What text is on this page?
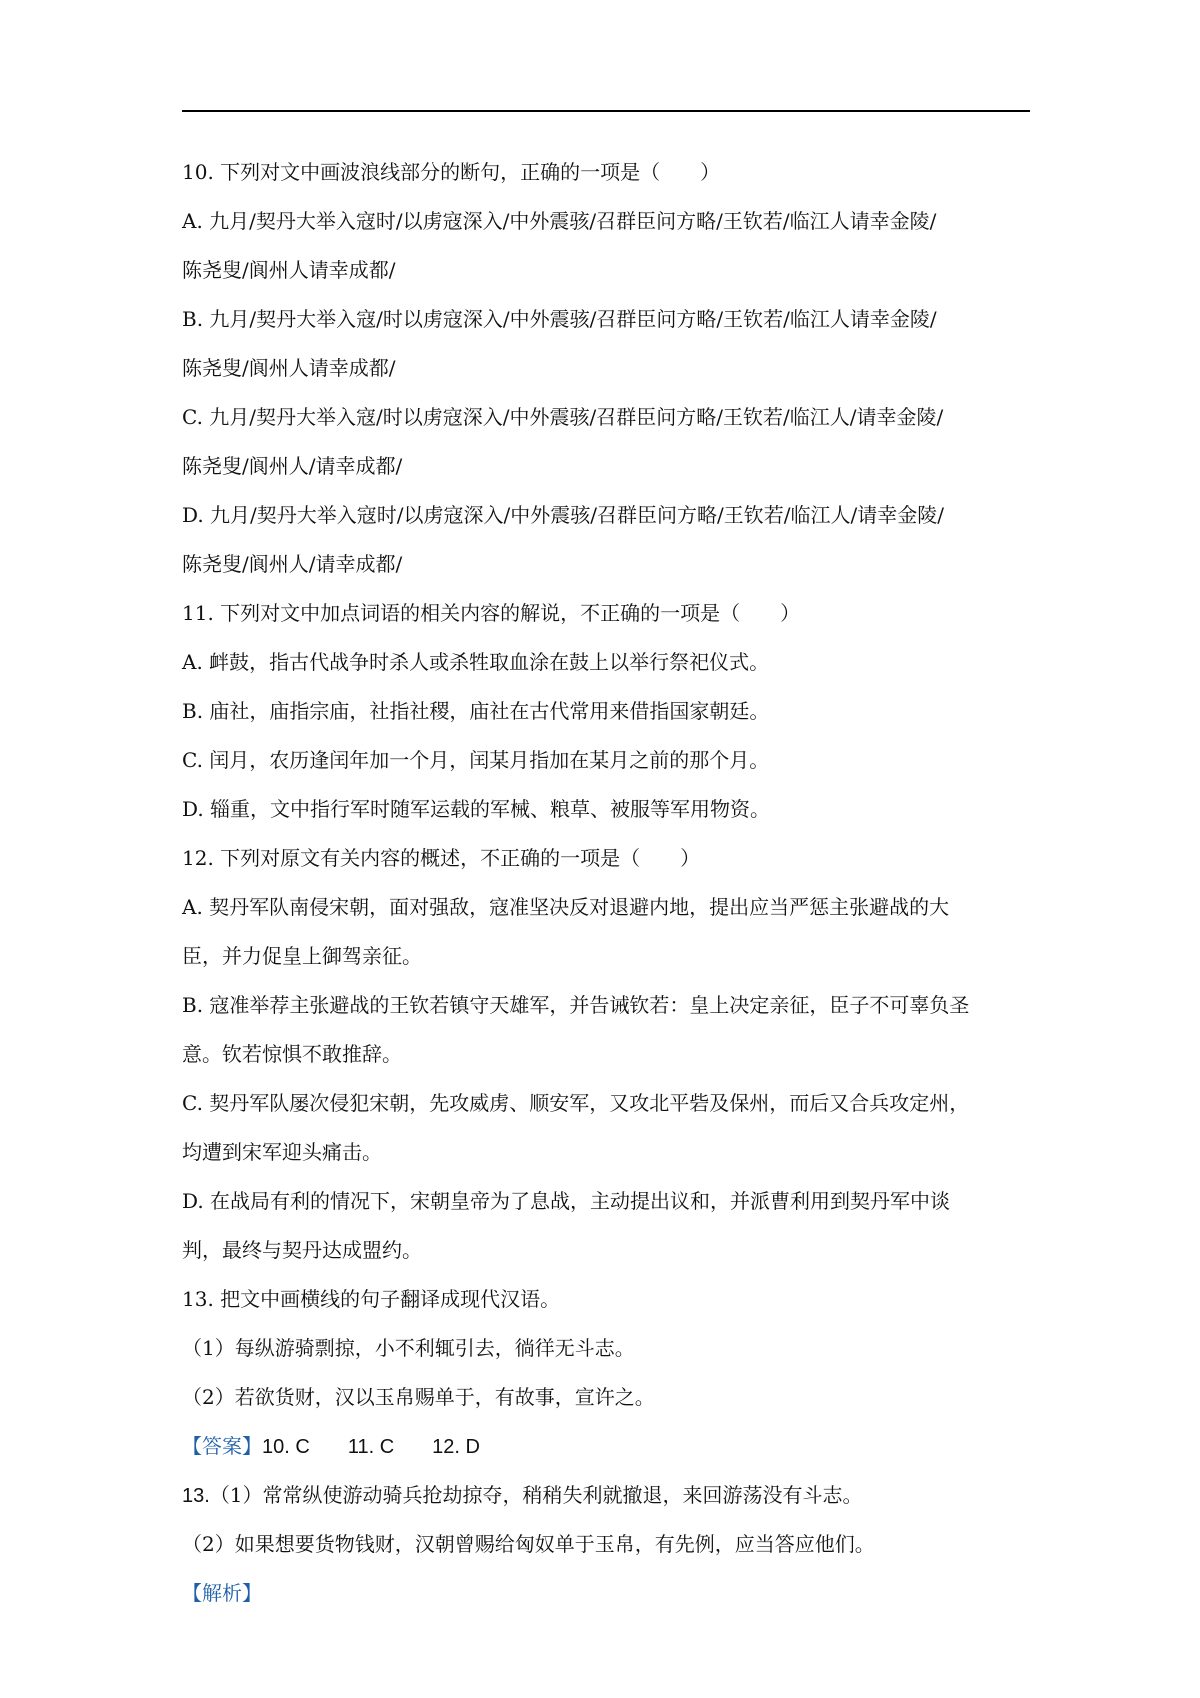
10. 下列对文中画波浪线部分的断句，正确的一项是（　　）
A. 九月/契丹大举入寇时/以虏寇深入/中外震骇/召群臣问方略/王钦若/临江人请幸金陵/
陈尧叟/阆州人请幸成都/
B. 九月/契丹大举入寇/时以虏寇深入/中外震骇/召群臣问方略/王钦若/临江人请幸金陵/
陈尧叟/阆州人请幸成都/
C. 九月/契丹大举入寇/时以虏寇深入/中外震骇/召群臣问方略/王钦若/临江人/请幸金陵/
陈尧叟/阆州人/请幸成都/
D. 九月/契丹大举入寇时/以虏寇深入/中外震骇/召群臣问方略/王钦若/临江人/请幸金陵/
陈尧叟/阆州人/请幸成都/
11. 下列对文中加点词语的相关内容的解说，不正确的一项是（　　）
A. 衅鼓，指古代战争时杀人或杀牲取血涂在鼓上以举行祭祀仪式。
B. 庙社，庙指宗庙，社指社稷，庙社在古代常用来借指国家朝廷。
C. 闰月，农历逢闰年加一个月，闰某月指加在某月之前的那个月。
D. 辎重，文中指行军时随军运载的军械、粮草、被服等军用物资。
12. 下列对原文有关内容的概述，不正确的一项是（　　）
A. 契丹军队南侵宋朝，面对强敌，寇准坚决反对退避内地，提出应当严惩主张避战的大
臣，并力促皇上御驾亲征。
B. 寇准举荐主张避战的王钦若镇守天雄军，并告诫钦若：皇上决定亲征，臣子不可辜负圣
意。钦若惊惧不敢推辞。
C. 契丹军队屡次侵犯宋朝，先攻威虏、顺安军，又攻北平砦及保州，而后又合兵攻定州，
均遭到宋军迎头痛击。
D. 在战局有利的情况下，宋朝皇帝为了息战，主动提出议和，并派曹利用到契丹军中谈
判，最终与契丹达成盟约。
13. 把文中画横线的句子翻译成现代汉语。
（1）每纵游骑剽掠，小不利辄引去，徜徉无斗志。
（2）若欲货财，汉以玉帛赐单于，有故事，宣许之。
【答案】10. C 11. C 12. D
13.（1）常常纵使游动骑兵抢劫掠夺，稍稍失利就撤退，来回游荡没有斗志。
（2）如果想要货物钱财，汉朝曾赐给匈奴单于玉帛，有先例，应当答应他们。
【解析】
